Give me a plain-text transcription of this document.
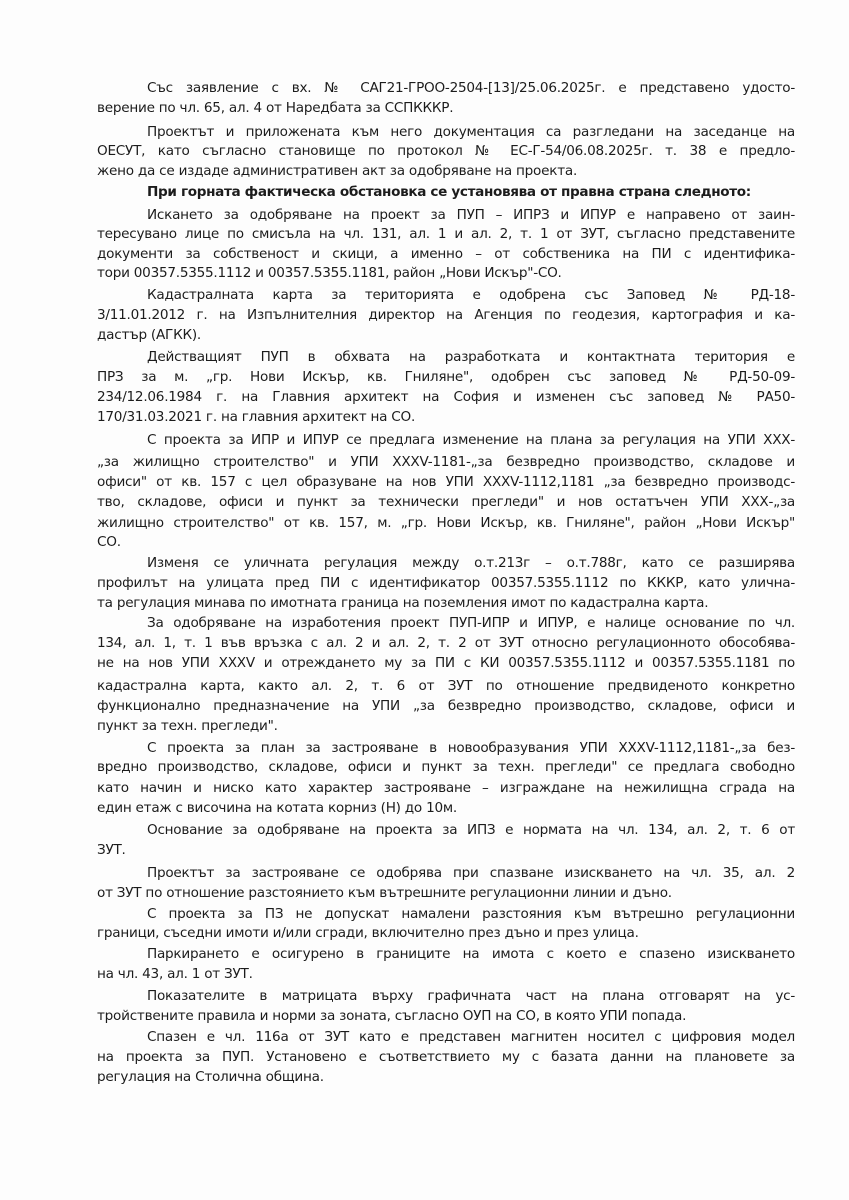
Със заявление с вх. № САГ21-ГРОО-2504-[13]/25.06.2025г. е представено удосто-
верение по чл. 65, ал. 4 от Наредбата за ССПКККР.
Проектът и приложената към него документация са разгледани на заседанце на
ОЕСУТ, като съгласно становище по протокол № ЕС-Г-54/06.08.2025г. т. 38 е предло-
жено да се издаде административен акт за одобряване на проекта.
При горната фактическа обстановка се установява от правна страна следното:
Искането за одобряване на проект за ПУП – ИПРЗ и ИПУР е направено от заин-
тересувано лице по смисъла на чл. 131, ал. 1 и ал. 2, т. 1 от ЗУТ, съгласно представените
документи за собственост и скици, а именно – от собственика на ПИ с идентифика-
тори 00357.5355.1112 и 00357.5355.1181, район „Нови Искър"-СО.
Кадастралната карта за територията е одобрена със Заповед № РД-18-
3/11.01.2012 г. на Изпълнителния директор на Агенция по геодезия, картография и ка-
дастър (АГКК).
Действащият ПУП в обхвата на разработката и контактната територия е
ПРЗ за м. „гр. Нови Искър, кв. Гниляне", одобрен със заповед № РД-50-09-
234/12.06.1984 г. на Главния архитект на София и изменен със заповед № РА50-
170/31.03.2021 г. на главния архитект на СО.
С проекта за ИПР и ИПУР се предлага изменение на плана за регулация на УПИ ХХХ-
„за жилищно строителство" и УПИ ХХХV-1181-„за безвредно производство, складове и
офиси" от кв. 157 с цел образуване на нов УПИ ХХХV-1112,1181 „за безвредно производс-
тво, складове, офиси и пункт за технически прегледи" и нов остатъчен УПИ ХХХ-„за
жилищно строителство" от кв. 157, м. „гр. Нови Искър, кв. Гниляне", район „Нови Искър"
СО.
Изменя се уличната регулация между о.т.213г – о.т.788г, като се разширява
профилът на улицата пред ПИ с идентификатор 00357.5355.1112 по КККР, като улична-
та регулация минава по имотната граница на поземления имот по кадастрална карта.
За одобряване на изработения проект ПУП-ИПР и ИПУР, е налице основание по чл.
134, ал. 1, т. 1 във връзка с ал. 2 и ал. 2, т. 2 от ЗУТ относно регулационното обособява-
не на нов УПИ ХХХV и отреждането му за ПИ с КИ 00357.5355.1112 и 00357.5355.1181 по
кадастрална карта, както ал. 2, т. 6 от ЗУТ по отношение предвиденото конкретно
функционално предназначение на УПИ „за безвредно производство, складове, офиси и
пункт за техн. прегледи".
С проекта за план за застрояване в новообразувания УПИ ХХХV-1112,1181-„за без-
вредно производство, складове, офиси и пункт за техн. прегледи" се предлага свободно
като начин и ниско като характер застрояване – изграждане на нежилищна сграда на
един етаж с височина на котата корниз (Н) до 10м.
Основание за одобряване на проекта за ИПЗ е нормата на чл. 134, ал. 2, т. 6 от
ЗУТ.
Проектът за застрояване се одобрява при спазване изискването на чл. 35, ал. 2
от ЗУТ по отношение разстоянието към вътрешните регулационни линии и дъно.
С проекта за ПЗ не допускат намалени разстояния към вътрешно регулационни
граници, съседни имоти и/или сгради, включително през дъно и през улица.
Паркирането е осигурено в границите на имота с което е спазено изискването
на чл. 43, ал. 1 от ЗУТ.
Показателите в матрицата върху графичната част на плана отговарят на ус-
тройствените правила и норми за зоната, съгласно ОУП на СО, в която УПИ попада.
Спазен е чл. 116а от ЗУТ като е представен магнитен носител с цифровия модел
на проекта за ПУП. Установено е съответствието му с базата данни на плановете за
регулация на Столична община.
